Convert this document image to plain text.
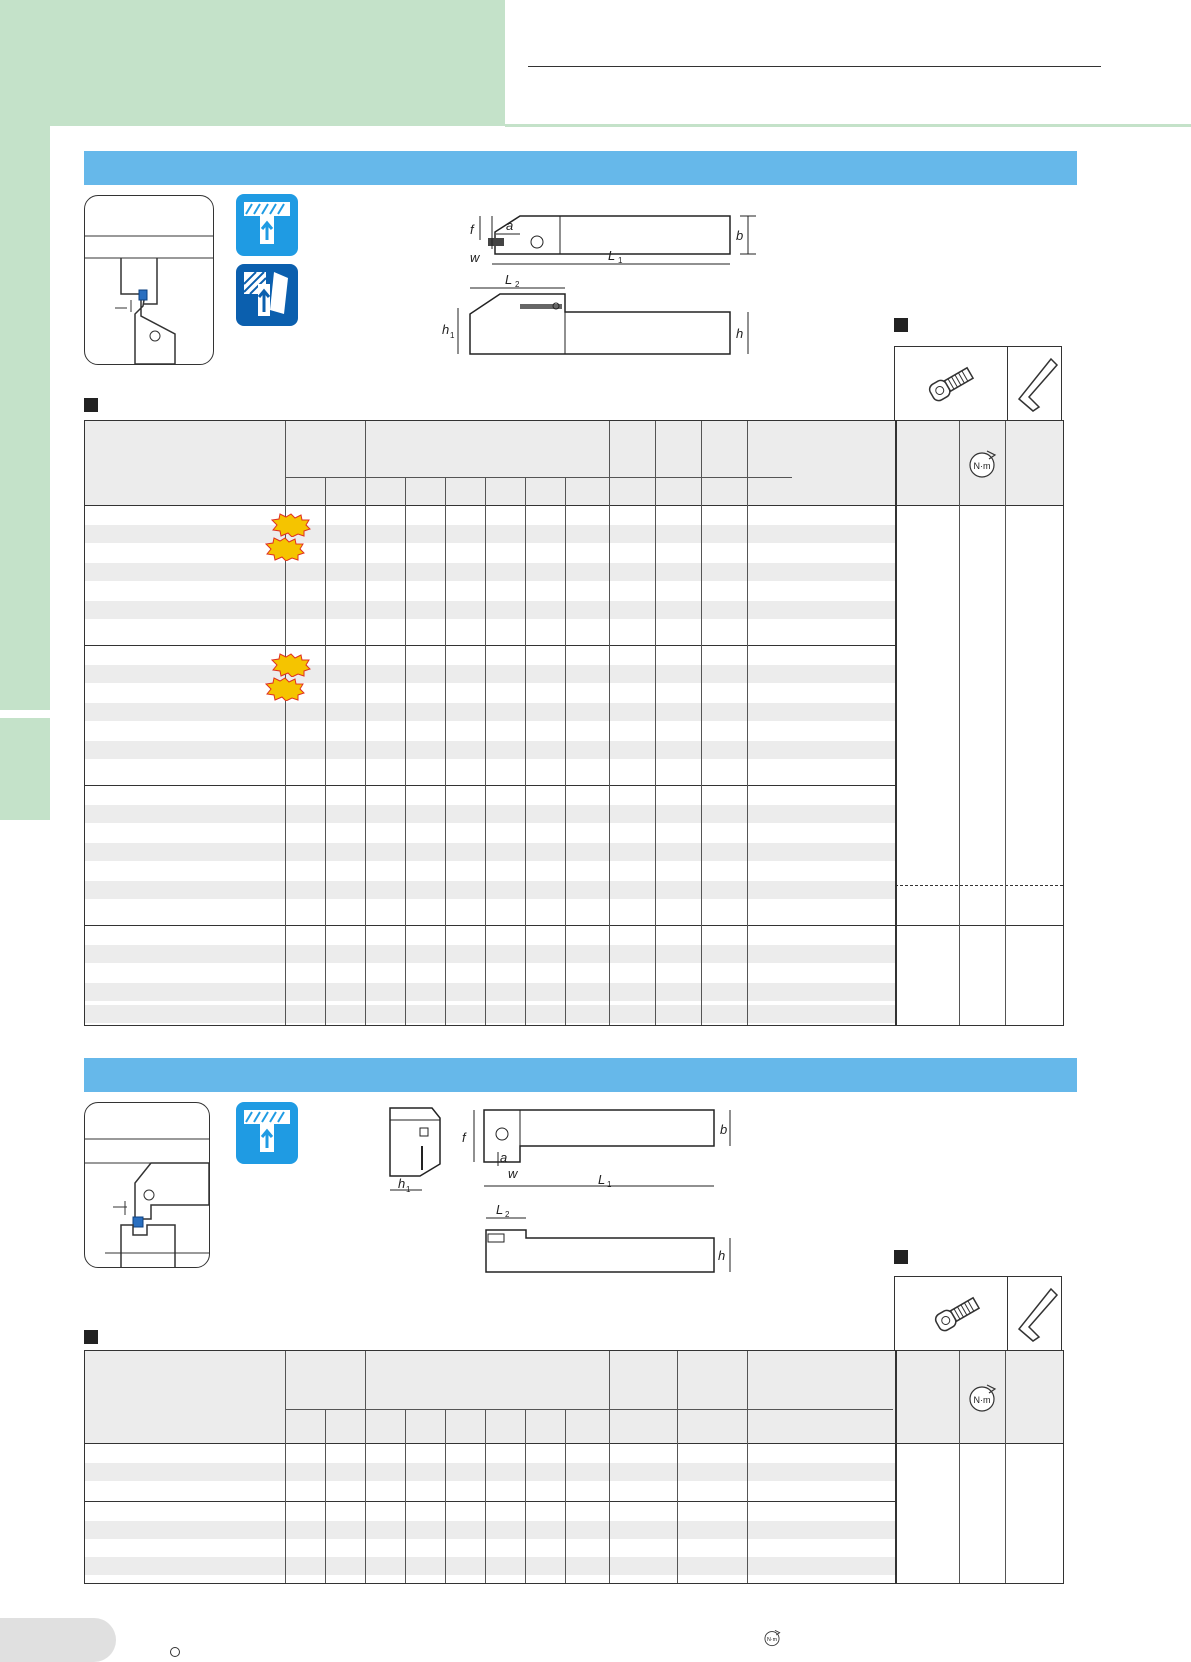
b
f a
w	L 1
L 2
h
h 1
N·m
h 1
b
f
a
w	L 1
L 2
h
N·m
N·m
